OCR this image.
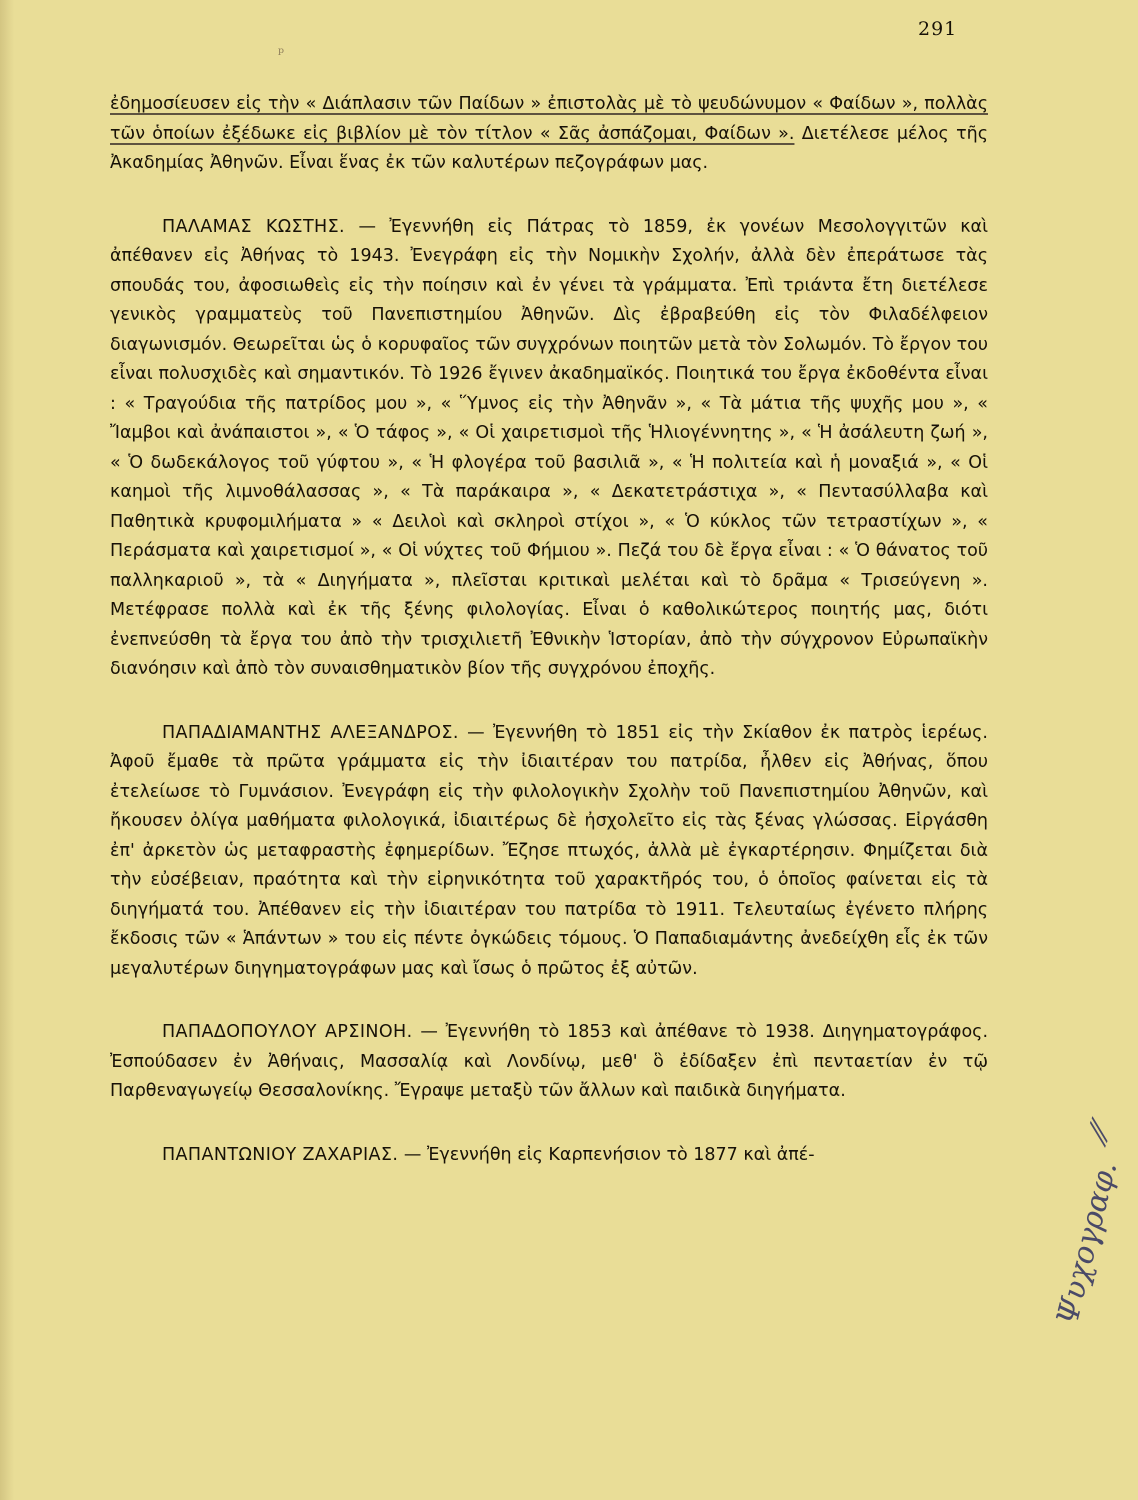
291
ᵖ

ἐδημοσίευσεν εἰς τὴν « Διάπλασιν τῶν Παίδων » ἐπιστολὰς μὲ τὸ ψευδώνυμον « Φαίδων », πολλὰς τῶν ὁποίων ἐξέδωκε εἰς βιβλίον μὲ τὸν τίτλον « Σᾶς ἀσπάζομαι, Φαίδων ». Διετέλεσε μέλος τῆς Ἀκαδημίας Ἀθηνῶν. Εἶναι ἕνας ἐκ τῶν καλυτέρων πεζογράφων μας.

ΠΑΛΑΜΑΣ ΚΩΣΤΗΣ. — Ἐγεννήθη εἰς Πάτρας τὸ 1859, ἐκ γονέων Μεσολογγιτῶν καὶ ἀπέθανεν εἰς Ἀθήνας τὸ 1943. Ἐνεγράφη εἰς τὴν Νομικὴν Σχολήν, ἀλλὰ δὲν ἐπεράτωσε τὰς σπουδάς του, ἀφοσιωθεὶς εἰς τὴν ποίησιν καὶ ἐν γένει τὰ γράμματα. Ἐπὶ τριάντα ἔτη διετέλεσε γενικὸς γραμματεὺς τοῦ Πανεπιστημίου Ἀθηνῶν. Δὶς ἐβραβεύθη εἰς τὸν Φιλαδέλφειον διαγωνισμόν. Θεωρεῖται ὡς ὁ κορυφαῖος τῶν συγχρόνων ποιητῶν μετὰ τὸν Σολωμόν. Τὸ ἔργον του εἶναι πολυσχιδὲς καὶ σημαντικόν. Τὸ 1926 ἔγινεν ἀκαδημαϊκός. Ποιητικά του ἔργα ἐκδοθέντα εἶναι : « Τραγούδια τῆς πατρίδος μου », « Ὕμνος εἰς τὴν Ἀθηνᾶν », « Τὰ μάτια τῆς ψυχῆς μου », « Ἴαμβοι καὶ ἀνάπαιστοι », « Ὁ τάφος », « Οἱ χαιρετισμοὶ τῆς Ἡλιογέννητης », « Ἡ ἀσάλευτη ζωή », « Ὁ δωδεκάλογος τοῦ γύφτου », « Ἡ φλογέρα τοῦ βασιλιᾶ », « Ἡ πολιτεία καὶ ἡ μοναξιά », « Οἱ καημοὶ τῆς λιμνοθάλασσας », « Τὰ παράκαιρα », « Δεκατετράστιχα », « Πεντασύλλαβα καὶ Παθητικὰ κρυφομιλήματα » « Δειλοὶ καὶ σκληροὶ στίχοι », « Ὁ κύκλος τῶν τετραστίχων », « Περάσματα καὶ χαιρετισμοί », « Οἱ νύχτες τοῦ Φήμιου ». Πεζά του δὲ ἔργα εἶναι : « Ὁ θάνατος τοῦ παλληκαριοῦ », τὰ « Διηγήματα », πλεῖσται κριτικαὶ μελέται καὶ τὸ δρᾶμα « Τρισεύγενη ». Μετέφρασε πολλὰ καὶ ἐκ τῆς ξένης φιλολογίας. Εἶναι ὁ καθολικώτερος ποιητής μας, διότι ἐνεπνεύσθη τὰ ἔργα του ἀπὸ τὴν τρισχιλιετῆ Ἐθνικὴν Ἱστορίαν, ἀπὸ τὴν σύγχρονον Εὐρωπαϊκὴν διανόησιν καὶ ἀπὸ τὸν συναισθηματικὸν βίον τῆς συγχρόνου ἐποχῆς.

ΠΑΠΑΔΙΑΜΑΝΤΗΣ ΑΛΕΞΑΝΔΡΟΣ. — Ἐγεννήθη τὸ 1851 εἰς τὴν Σκίαθον ἐκ πατρὸς ἱερέως. Ἀφοῦ ἔμαθε τὰ πρῶτα γράμματα εἰς τὴν ἰδιαιτέραν του πατρίδα, ἦλθεν εἰς Ἀθήνας, ὅπου ἐτελείωσε τὸ Γυμνάσιον. Ἐνεγράφη εἰς τὴν φιλολογικὴν Σχολὴν τοῦ Πανεπιστημίου Ἀθηνῶν, καὶ ἤκουσεν ὀλίγα μαθήματα φιλολογικά, ἰδιαιτέρως δὲ ἠσχολεῖτο εἰς τὰς ξένας γλώσσας. Εἰργάσθη ἐπ' ἀρκετὸν ὡς μεταφραστὴς ἐφημερίδων. Ἔζησε πτωχός, ἀλλὰ μὲ ἐγκαρτέρησιν. Φημίζεται διὰ τὴν εὐσέβειαν, πραότητα καὶ τὴν εἰρηνικότητα τοῦ χαρακτῆρός του, ὁ ὁποῖος φαίνεται εἰς τὰ διηγήματά του. Ἀπέθανεν εἰς τὴν ἰδιαιτέραν του πατρίδα τὸ 1911. Τελευταίως ἐγένετο πλήρης ἔκδοσις τῶν « Ἁπάντων » του εἰς πέντε ὀγκώδεις τόμους. Ὁ Παπαδιαμάντης ἀνεδείχθη εἷς ἐκ τῶν μεγαλυτέρων διηγηματογράφων μας καὶ ἴσως ὁ πρῶτος ἐξ αὐτῶν.

ΠΑΠΑΔΟΠΟΥΛΟΥ ΑΡΣΙΝΟΗ. — Ἐγεννήθη τὸ 1853 καὶ ἀπέθανε τὸ 1938. Διηγηματογράφος. Ἐσπούδασεν ἐν Ἀθήναις, Μασσαλίᾳ καὶ Λονδίνῳ, μεθ' ὃ ἐδίδαξεν ἐπὶ πενταετίαν ἐν τῷ Παρθεναγωγείῳ Θεσσαλονίκης. Ἔγραψε μεταξὺ τῶν ἄλλων καὶ παιδικὰ διηγήματα.

ΠΑΠΑΝΤΩΝΙΟΥ ΖΑΧΑΡΙΑΣ. — Ἐγεννήθη εἰς Καρπενήσιον τὸ 1877 καὶ ἀπέ-

⁄⁄
Ψυχογραφ.
